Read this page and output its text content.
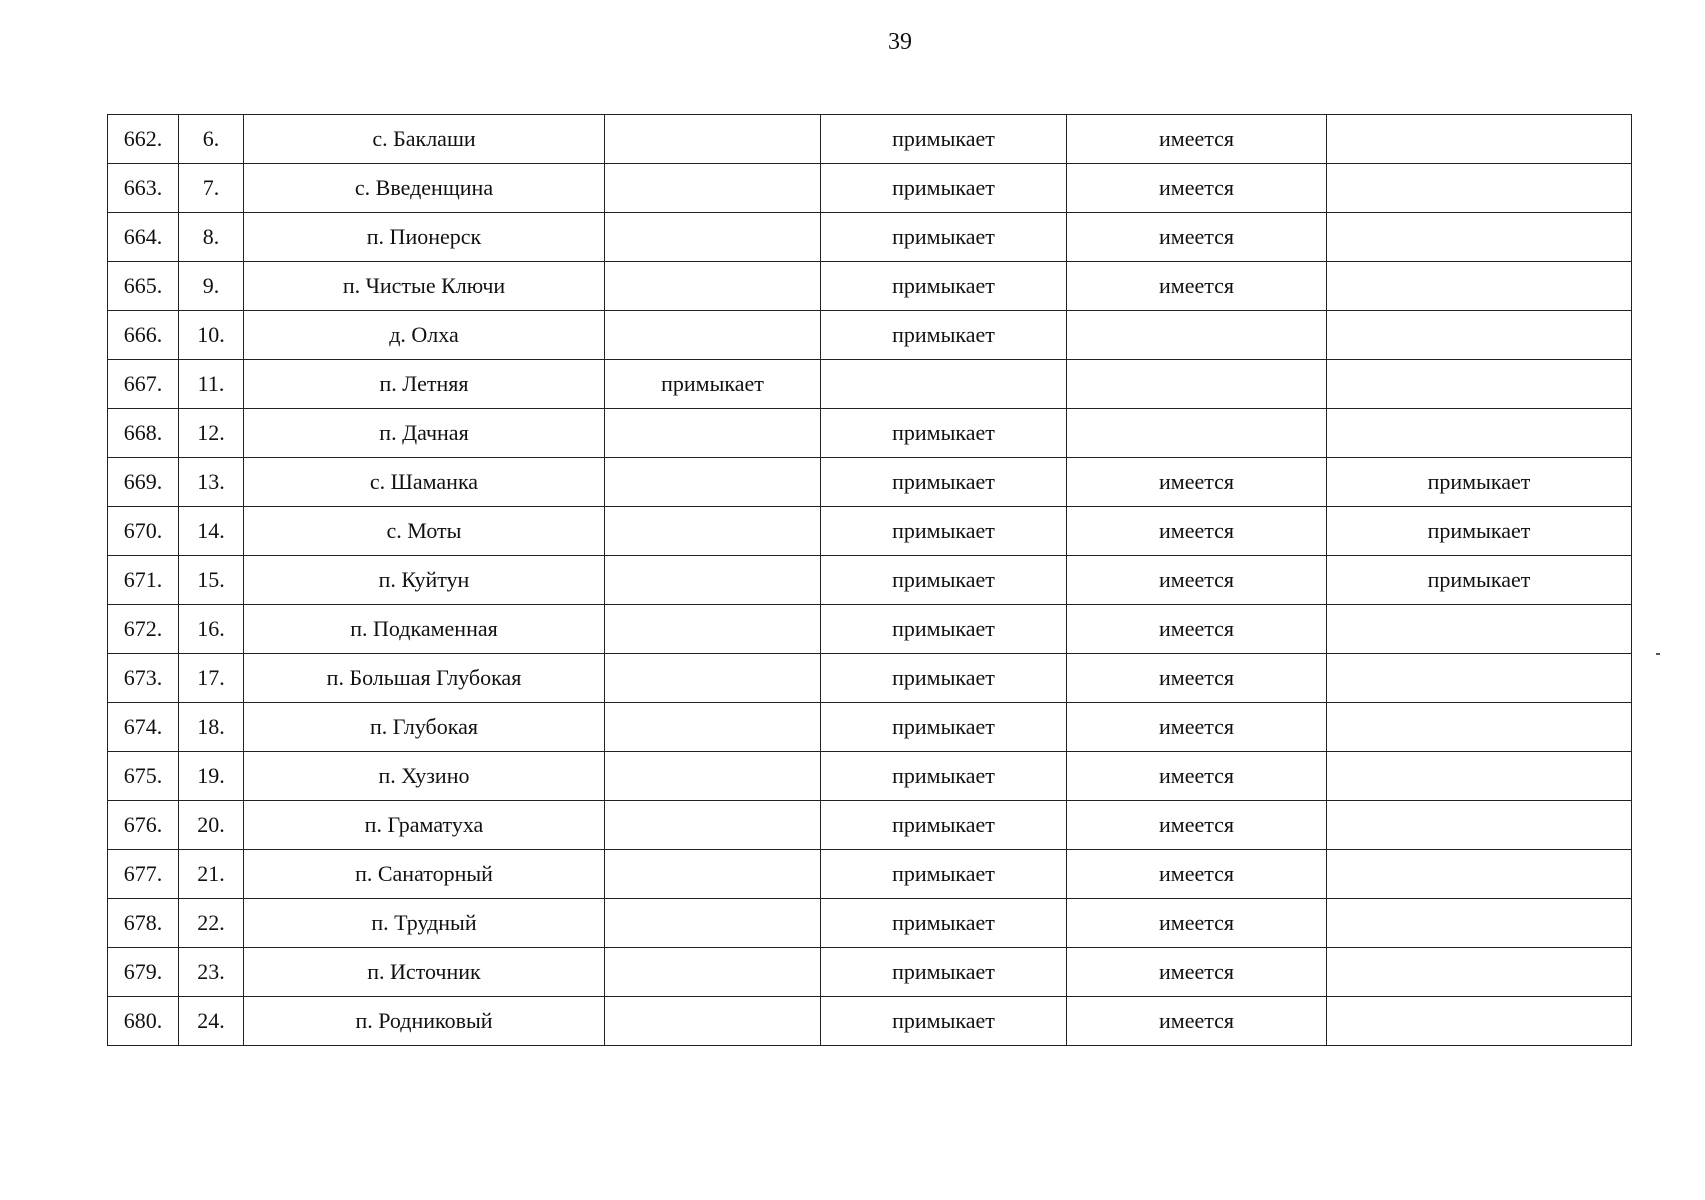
39
662.	6.	с. Баклаши		примыкает	имеется	
663.	7.	с. Введенщина		примыкает	имеется	
664.	8.	п. Пионерск		примыкает	имеется	
665.	9.	п. Чистые Ключи		примыкает	имеется	
666.	10.	д. Олха		примыкает		
667.	11.	п. Летняя	примыкает			
668.	12.	п. Дачная		примыкает		
669.	13.	с. Шаманка		примыкает	имеется	примыкает
670.	14.	с. Моты		примыкает	имеется	примыкает
671.	15.	п. Куйтун		примыкает	имеется	примыкает
672.	16.	п. Подкаменная		примыкает	имеется	
673.	17.	п. Большая Глубокая		примыкает	имеется	
674.	18.	п. Глубокая		примыкает	имеется	
675.	19.	п. Хузино		примыкает	имеется	
676.	20.	п. Граматуха		примыкает	имеется	
677.	21.	п. Санаторный		примыкает	имеется	
678.	22.	п. Трудный		примыкает	имеется	
679.	23.	п. Источник		примыкает	имеется	
680.	24.	п. Родниковый		примыкает	имеется	
